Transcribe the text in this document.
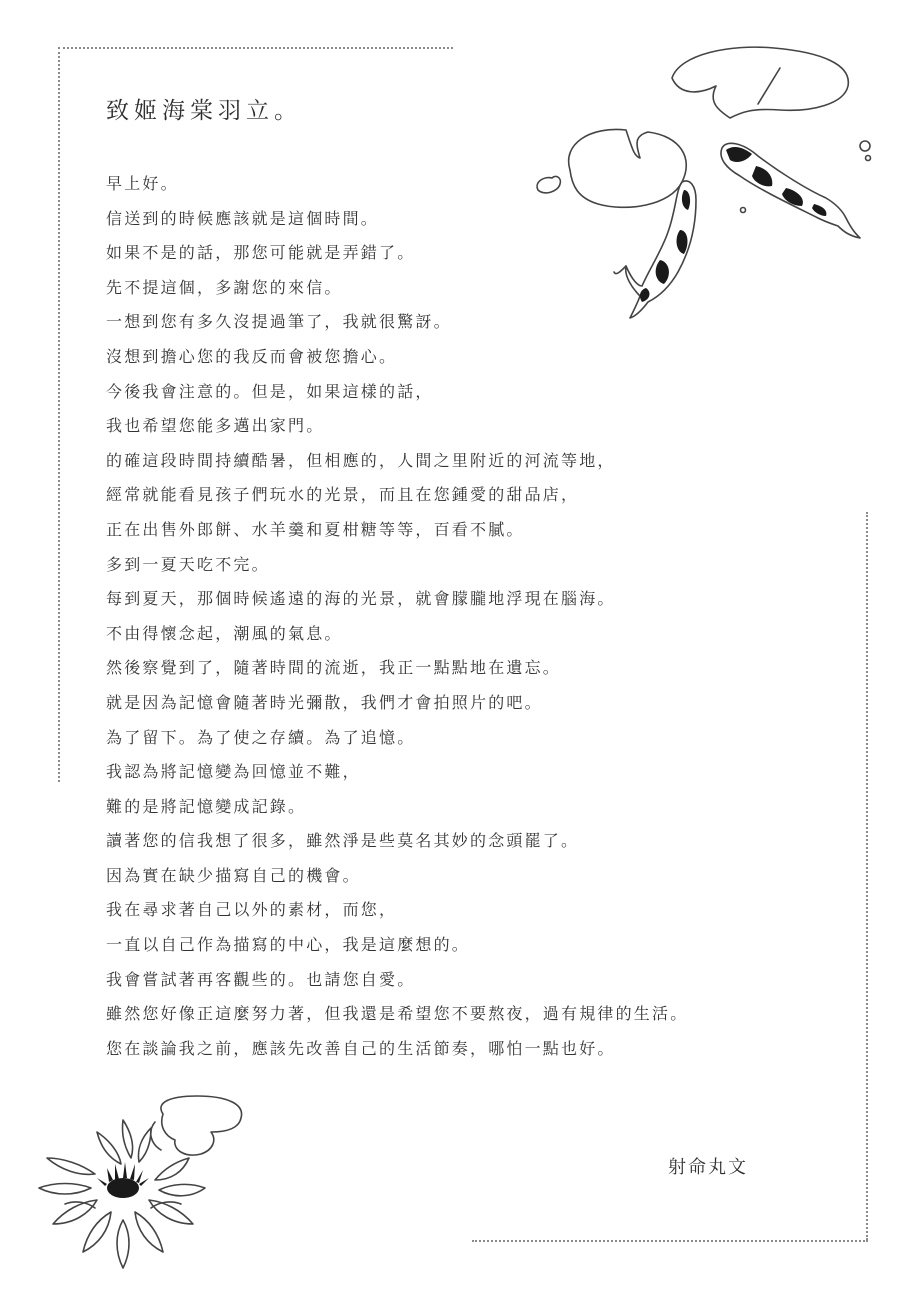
致姬海棠羽立。
早上好。
信送到的時候應該就是這個時間。
如果不是的話，那您可能就是弄錯了。
先不提這個，多謝您的來信。
一想到您有多久沒提過筆了，我就很驚訝。
沒想到擔心您的我反而會被您擔心。
今後我會注意的。但是，如果這樣的話，
我也希望您能多邁出家門。
的確這段時間持續酷暑，但相應的，人間之里附近的河流等地，
經常就能看見孩子們玩水的光景，而且在您鍾愛的甜品店，
正在出售外郎餅、水羊羹和夏柑糖等等，百看不膩。
多到一夏天吃不完。
每到夏天，那個時候遙遠的海的光景，就會朦朧地浮現在腦海。
不由得懷念起，潮風的氣息。
然後察覺到了，隨著時間的流逝，我正一點點地在遺忘。
就是因為記憶會隨著時光彌散，我們才會拍照片的吧。
為了留下。為了使之存續。為了追憶。
我認為將記憶變為回憶並不難，
難的是將記憶變成記錄。
讀著您的信我想了很多，雖然淨是些莫名其妙的念頭罷了。
因為實在缺少描寫自己的機會。
我在尋求著自己以外的素材，而您，
一直以自己作為描寫的中心，我是這麼想的。
我會嘗試著再客觀些的。也請您自愛。
雖然您好像正這麼努力著，但我還是希望您不要熬夜，過有規律的生活。
您在談論我之前，應該先改善自己的生活節奏，哪怕一點也好。
射命丸文
